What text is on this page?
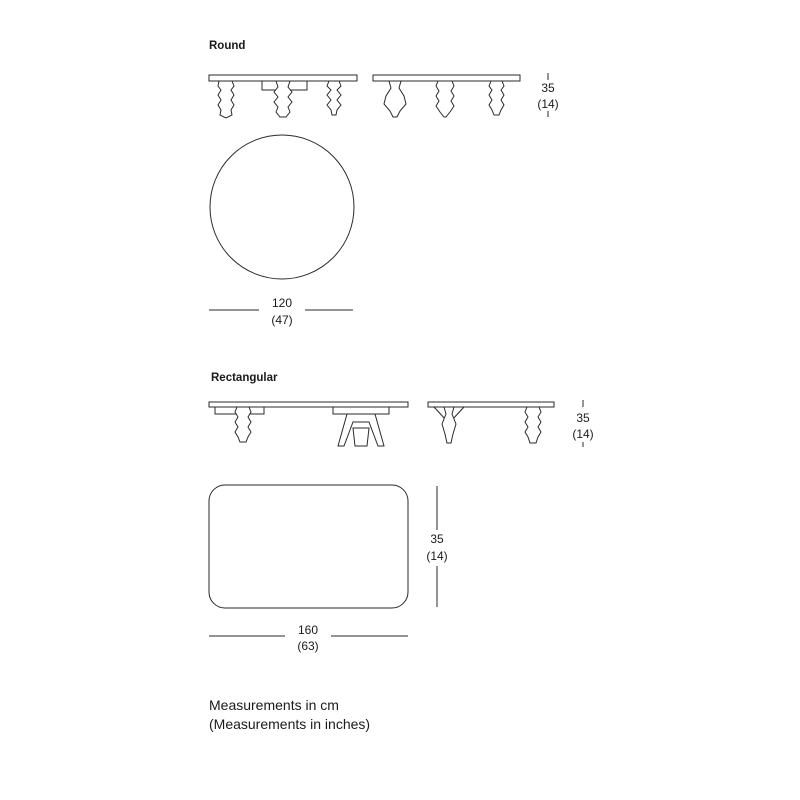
Round
35
(14)
120
(47)
Rectangular
35
(14)
35
(14)
160
(63)
Measurements in cm
(Measurements in inches)
